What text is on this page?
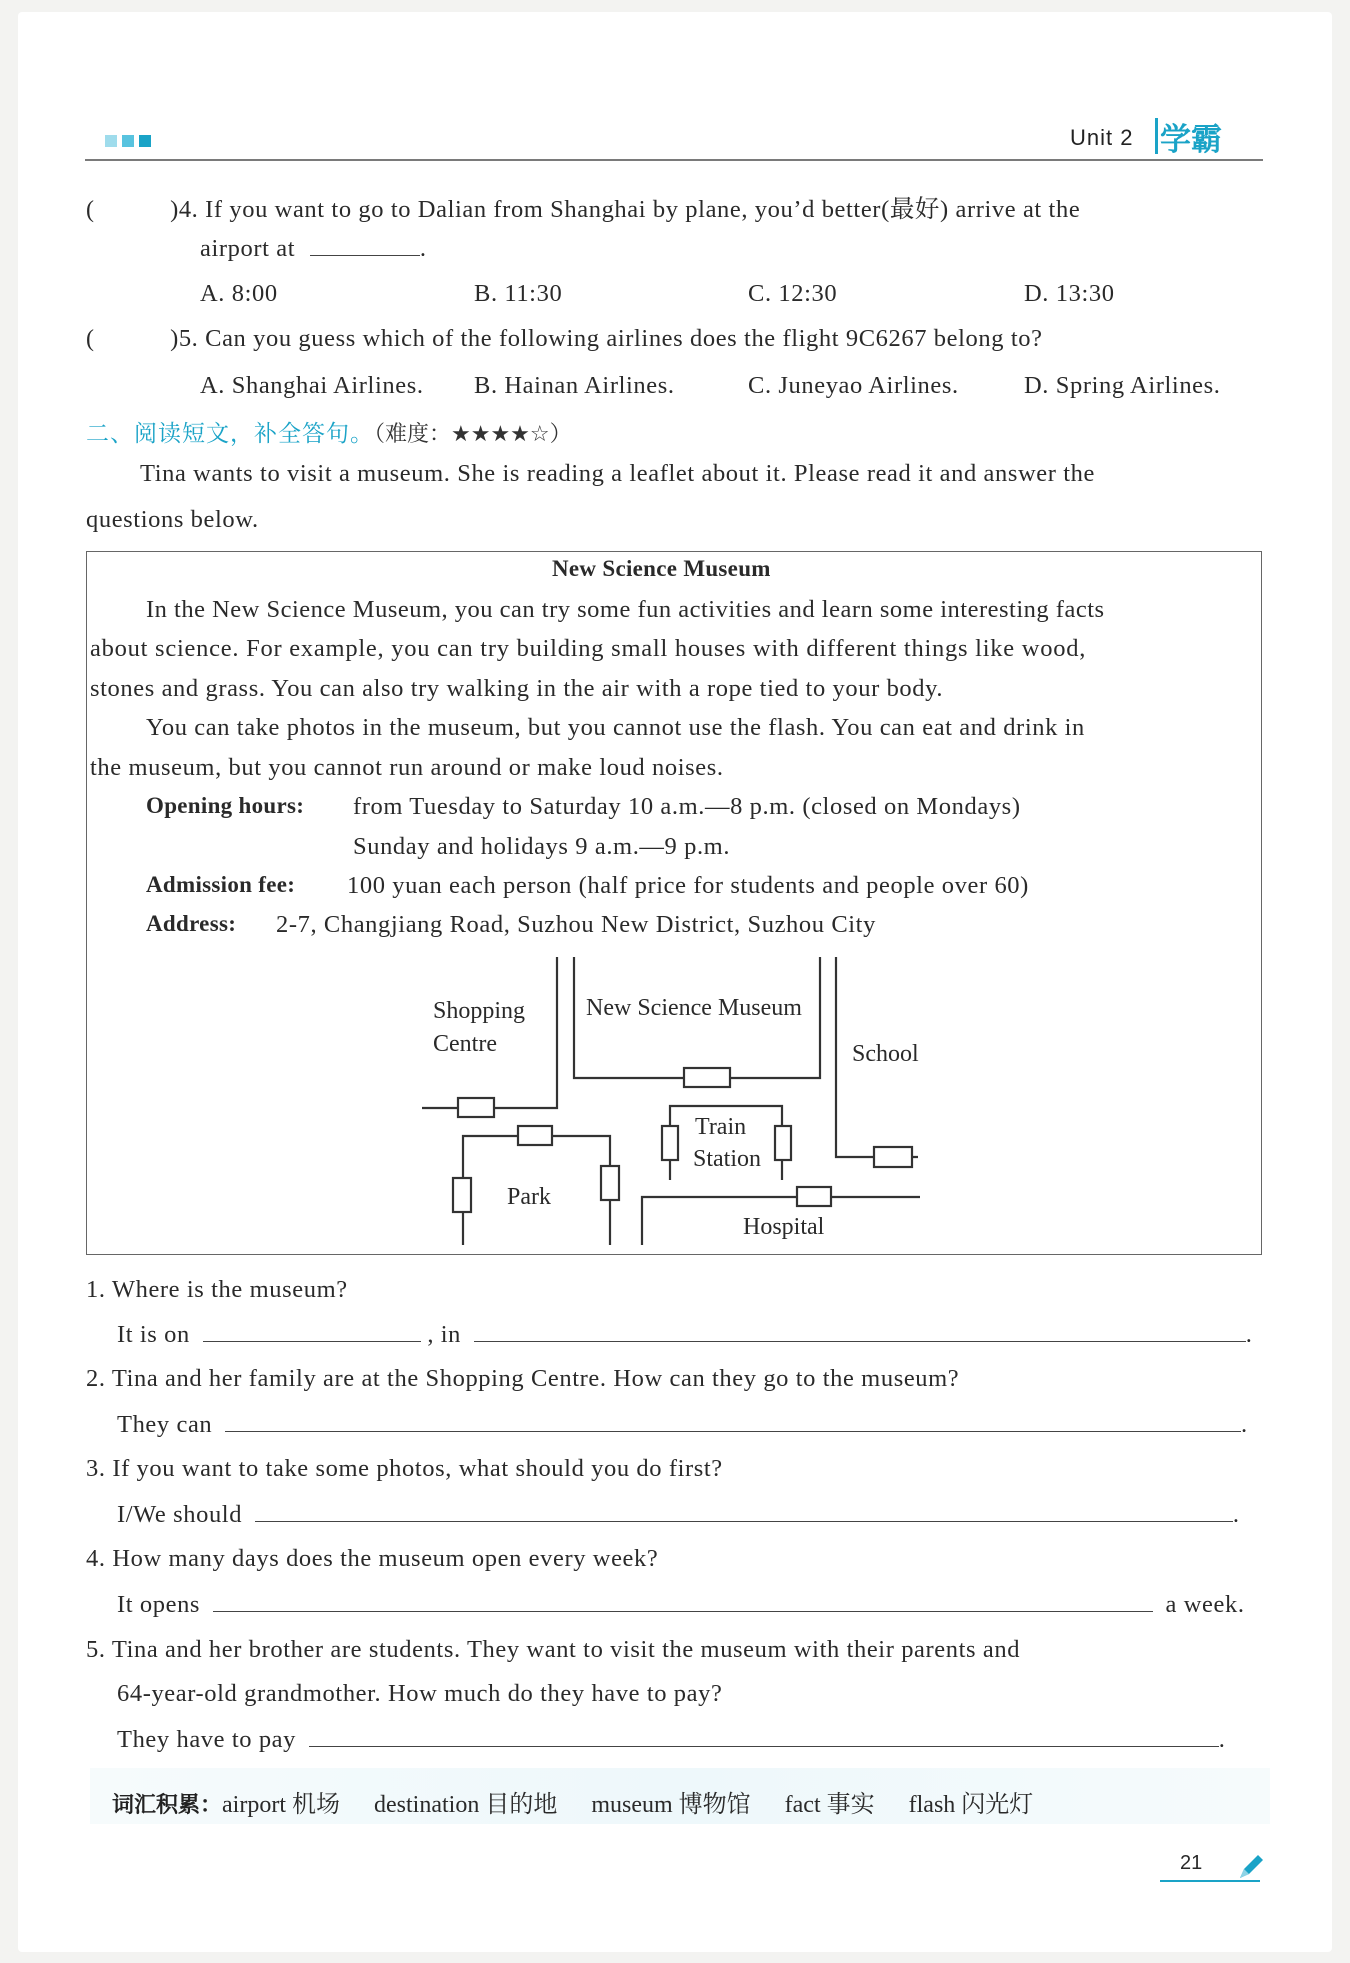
Unit 2 学霸
(	)4. If you want to go to Dalian from Shanghai by plane, you’d better(最好) arrive at the
airport at	.
A. 8:00	B. 11:30	C. 12:30	D. 13:30
(	)5. Can you guess which of the following airlines does the flight 9C6267 belong to?
A. Shanghai Airlines. B. Hainan Airlines.	C. Juneyao Airlines.	D. Spring Airlines.
二、阅读短文，补全答句。（难度：★★★★☆）
Tina wants to visit a museum. She is reading a leaflet about it. Please read it and answer the
questions below.
New Science Museum
In the New Science Museum, you can try some fun activities and learn some interesting facts
about science. For example, you can try building small houses with different things like wood,
stones and grass. You can also try walking in the air with a rope tied to your body.
You can take photos in the museum, but you cannot use the flash. You can eat and drink in
the museum, but you cannot run around or make loud noises.
Opening hours: from Tuesday to Saturday 10 a.m.—8 p.m. (closed on Mondays)
Sunday and holidays 9 a.m.—9 p.m.
Admission fee: 100 yuan each person (half price for students and people over 60)
Address: 2-7, Changjiang Road, Suzhou New District, Suzhou City
Shopping
Centre
New Science Museum
School
Train
Station
Park
Hospital
1. Where is the museum?
It is on	, in	.
2. Tina and her family are at the Shopping Centre. How can they go to the museum?
They can	.
3. If you want to take some photos, what should you do first?
I/We should	.
4. How many days does the museum open every week?
It opens	a week.
5. Tina and her brother are students. They want to visit the museum with their parents and
64-year-old grandmother. How much do they have to pay?
They have to pay	.
词汇积累：airport 机场 destination 目的地 museum 博物馆 fact 事实 flash 闪光灯
21
